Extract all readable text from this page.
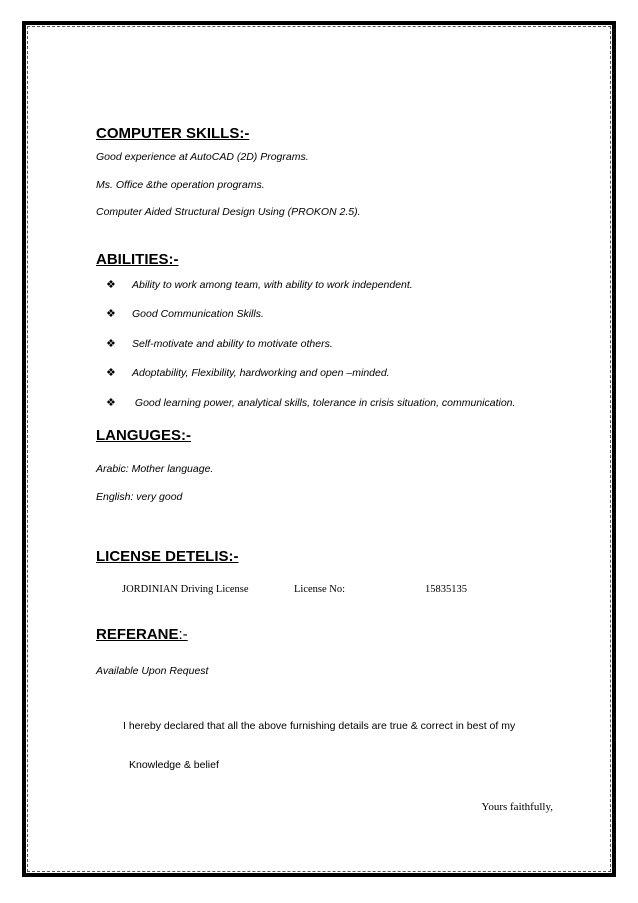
COMPUTER SKILLS:-
Good experience at AutoCAD (2D) Programs.
Ms. Office &the operation programs.
Computer Aided Structural Design Using (PROKON 2.5).
ABILITIES:-
❖ Ability to work among team, with ability to work independent.
❖ Good Communication Skills.
❖ Self-motivate and ability to motivate others.
❖ Adoptability, Flexibility, hardworking and open –minded.
❖ Good learning power, analytical skills, tolerance in crisis situation, communication.
LANGUGES:-
Arabic: Mother language.
English: very good
LICENSE DETELIS:-
JORDINIAN Driving License	License No:	15835135
REFERANE:-
Available Upon Request
I hereby declared that all the above furnishing details are true & correct in best of my
Knowledge & belief
Yours faithfully,
